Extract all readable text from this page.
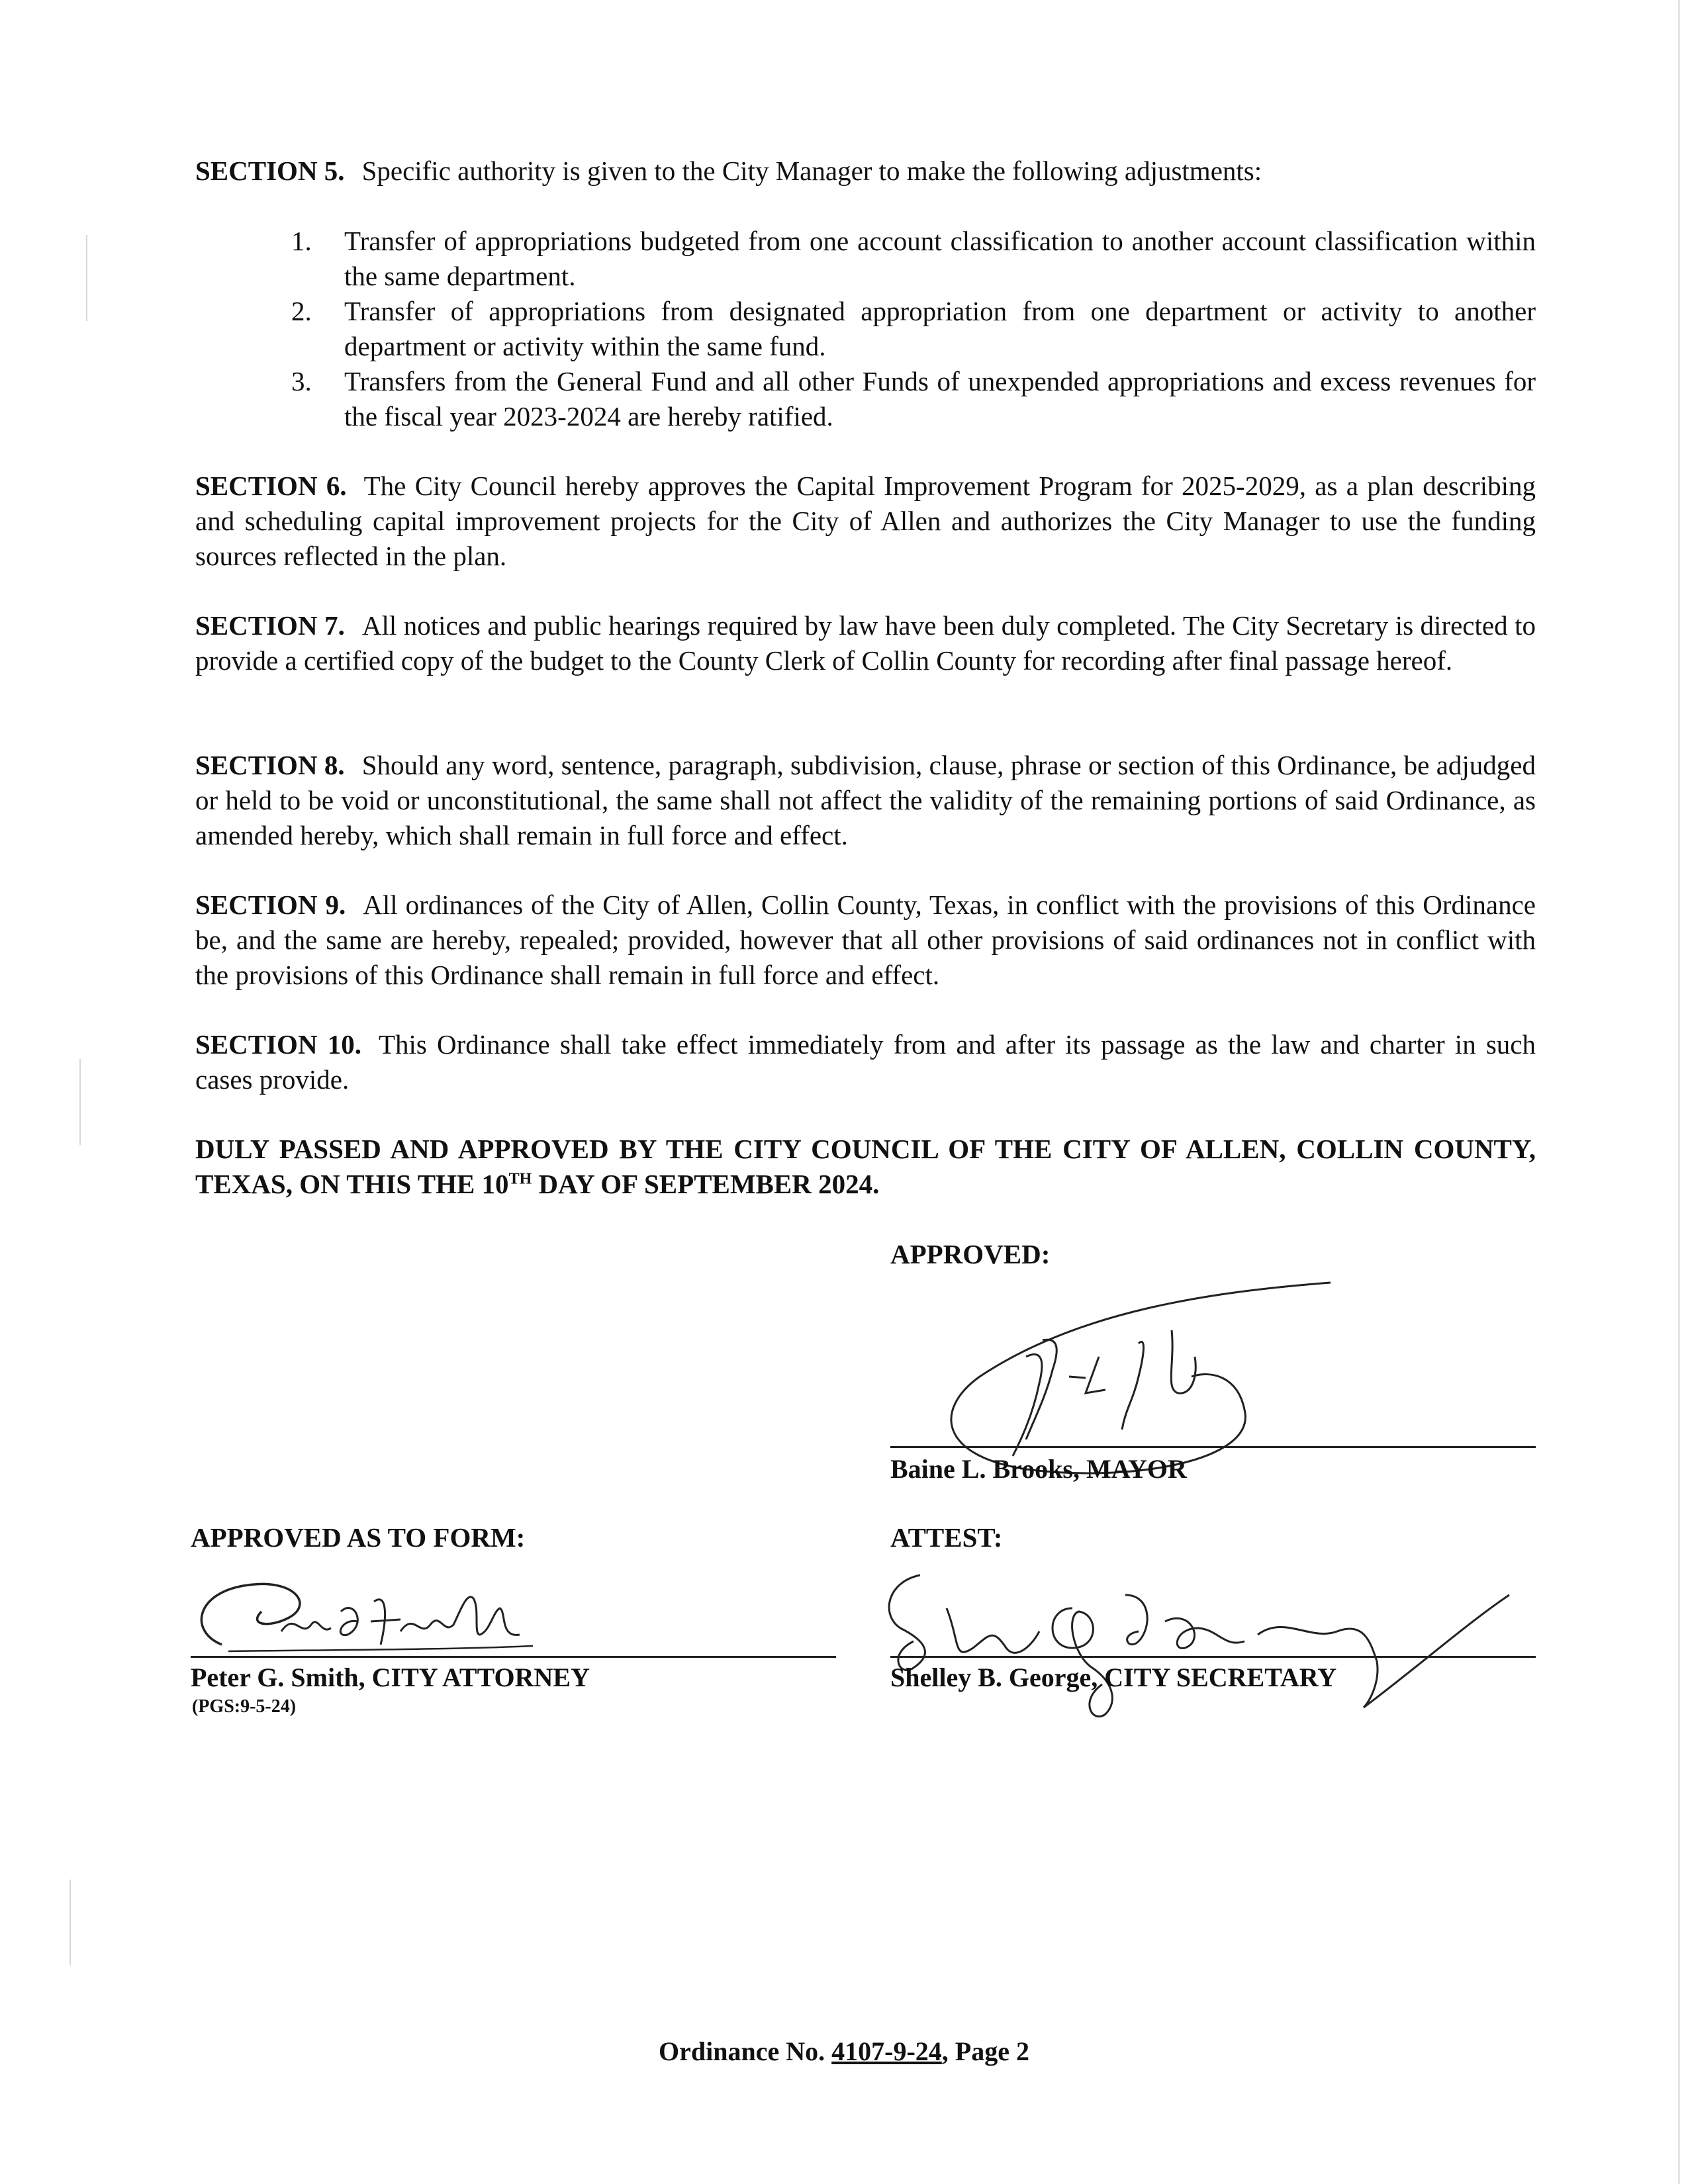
SECTION 5. Specific authority is given to the City Manager to make the following adjustments:
1.	Transfer of appropriations budgeted from one account classification to another account classification within the same department.
2.	Transfer of appropriations from designated appropriation from one department or activity to another department or activity within the same fund.
3.	Transfers from the General Fund and all other Funds of unexpended appropriations and excess revenues for the fiscal year 2023-2024 are hereby ratified.
SECTION 6. The City Council hereby approves the Capital Improvement Program for 2025-2029, as a plan describing and scheduling capital improvement projects for the City of Allen and authorizes the City Manager to use the funding sources reflected in the plan.
SECTION 7. All notices and public hearings required by law have been duly completed. The City Secretary is directed to provide a certified copy of the budget to the County Clerk of Collin County for recording after final passage hereof.
SECTION 8. Should any word, sentence, paragraph, subdivision, clause, phrase or section of this Ordinance, be adjudged or held to be void or unconstitutional, the same shall not affect the validity of the remaining portions of said Ordinance, as amended hereby, which shall remain in full force and effect.
SECTION 9. All ordinances of the City of Allen, Collin County, Texas, in conflict with the provisions of this Ordinance be, and the same are hereby, repealed; provided, however that all other provisions of said ordinances not in conflict with the provisions of this Ordinance shall remain in full force and effect.
SECTION 10. This Ordinance shall take effect immediately from and after its passage as the law and charter in such cases provide.
DULY PASSED AND APPROVED BY THE CITY COUNCIL OF THE CITY OF ALLEN, COLLIN COUNTY, TEXAS, ON THIS THE 10TH DAY OF SEPTEMBER 2024.
APPROVED:
Baine L. Brooks, MAYOR
APPROVED AS TO FORM:
Peter G. Smith, CITY ATTORNEY
(PGS:9-5-24)
ATTEST:
Shelley B. George, CITY SECRETARY
Ordinance No. 4107-9-24, Page 2
